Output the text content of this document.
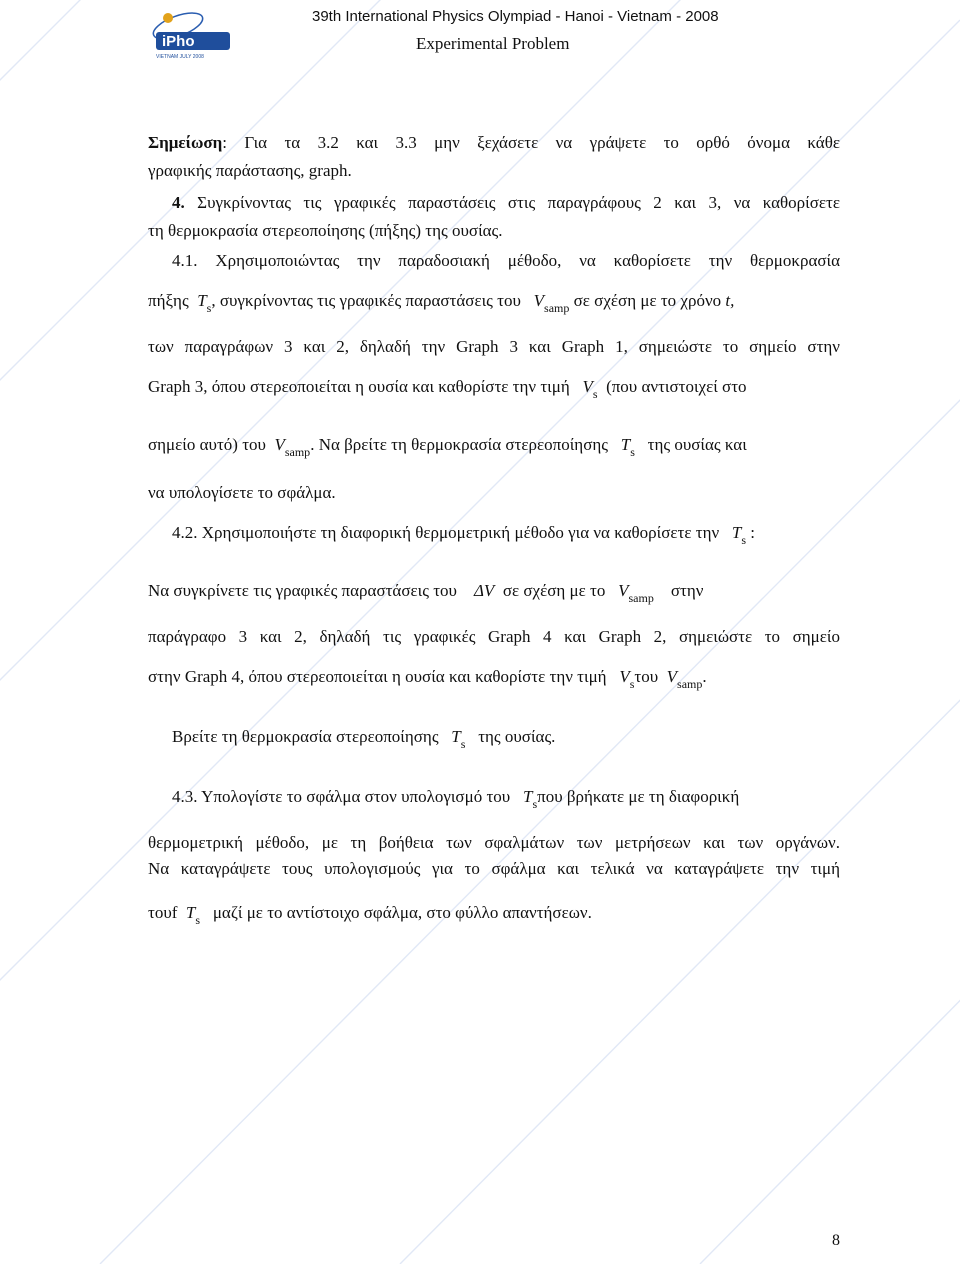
iPho
VIETNAM JULY 2008
39th International Physics Olympiad - Hanoi - Vietnam - 2008
Experimental Problem
Σημείωση: Για τα 3.2 και 3.3 μην ξεχάσετε να γράψετε το ορθό όνομα κάθε
γραφικής παράστασης, graph.
4. Συγκρίνοντας τις γραφικές παραστάσεις στις παραγράφους 2 και 3, να καθορίσετε
τη θερμοκρασία στερεοποίησης (πήξης) της ουσίας.
4.1. Χρησιμοποιώντας την παραδοσιακή μέθοδο, να καθορίσετε την θερμοκρασία
πήξης $T_s$, συγκρίνοντας τις γραφικές παραστάσεις του $V_{samp}$ σε σχέση με το χρόνο t,
των παραγράφων 3 και 2, δηλαδή την Graph 3 και Graph 1, σημειώστε το σημείο στην
Graph 3, όπου στερεοποιείται η ουσία και καθορίστε την τιμή $V_s$ (που αντιστοιχεί στο
σημείο αυτό) του $V_{samp}$. Να βρείτε τη θερμοκρασία στερεοποίησης $T_s$ της ουσίας και
να υπολογίσετε το σφάλμα.
4.2. Χρησιμοποιήστε τη διαφορική θερμομετρική μέθοδο για να καθορίσετε την $T_s$ :
Να συγκρίνετε τις γραφικές παραστάσεις του ΔV σε σχέση με το $V_{samp}$ στην
παράγραφο 3 και 2, δηλαδή τις γραφικές Graph 4 και Graph 2, σημειώστε το σημείο
στην Graph 4, όπου στερεοποιείται η ουσία και καθορίστε την τιμή $V_s\tau o\upsilon$ $V_{samp}$.
Βρείτε τη θερμοκρασία στερεοποίησης $T_s$ της ουσίας.
4.3. Υπολογίστε το σφάλμα στον υπολογισμό του $T_s\pi o\upsilon$ βρήκατε με τη διαφορική
θερμομετρική μέθοδο, με τη βοήθεια των σφαλμάτων των μετρήσεων και των οργάνων.
Να καταγράψετε τους υπολογισμούς για το σφάλμα και τελικά να καταγράψετε την τιμή
τουf $T_s$ μαζί με το αντίστοιχο σφάλμα, στο φύλλο απαντήσεων.
8
